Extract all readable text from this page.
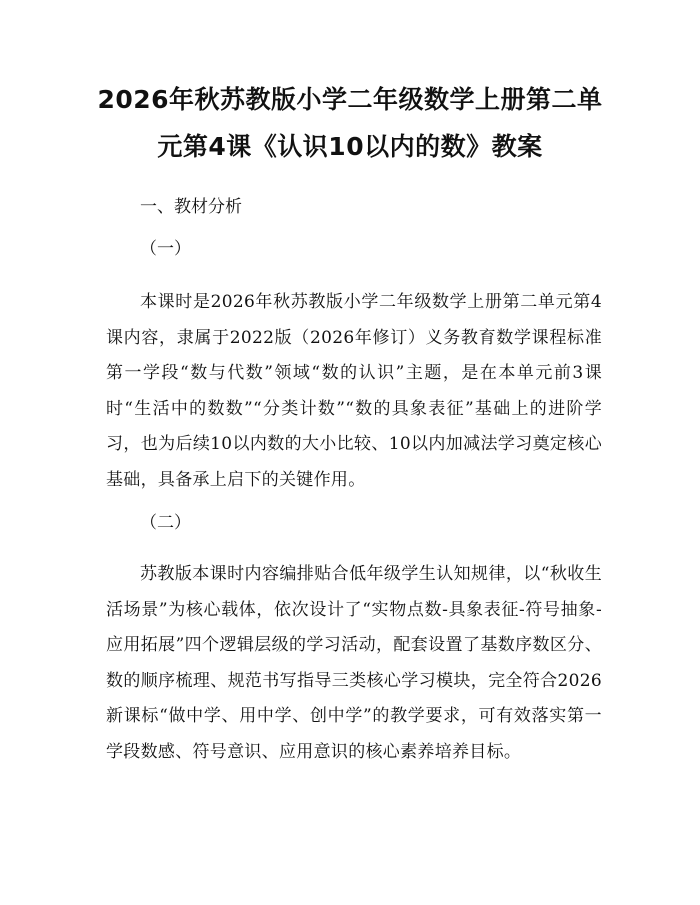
2026年秋苏教版小学二年级数学上册第二单
元第4课《认识10以内的数》教案

一、教材分析

（一）

本课时是2026年秋苏教版小学二年级数学上册第二单元第4课内容，隶属于2022版（2026年修订）义务教育数学课程标准第一学段“数与代数”领域“数的认识”主题，是在本单元前3课时“生活中的数数”“分类计数”“数的具象表征”基础上的进阶学习，也为后续10以内数的大小比较、10以内加减法学习奠定核心基础，具备承上启下的关键作用。

（二）

苏教版本课时内容编排贴合低年级学生认知规律，以“秋收生活场景”为核心载体，依次设计了“实物点数-具象表征-符号抽象-应用拓展”四个逻辑层级的学习活动，配套设置了基数序数区分、数的顺序梳理、规范书写指导三类核心学习模块，完全符合2026新课标“做中学、用中学、创中学”的教学要求，可有效落实第一学段数感、符号意识、应用意识的核心素养培养目标。
